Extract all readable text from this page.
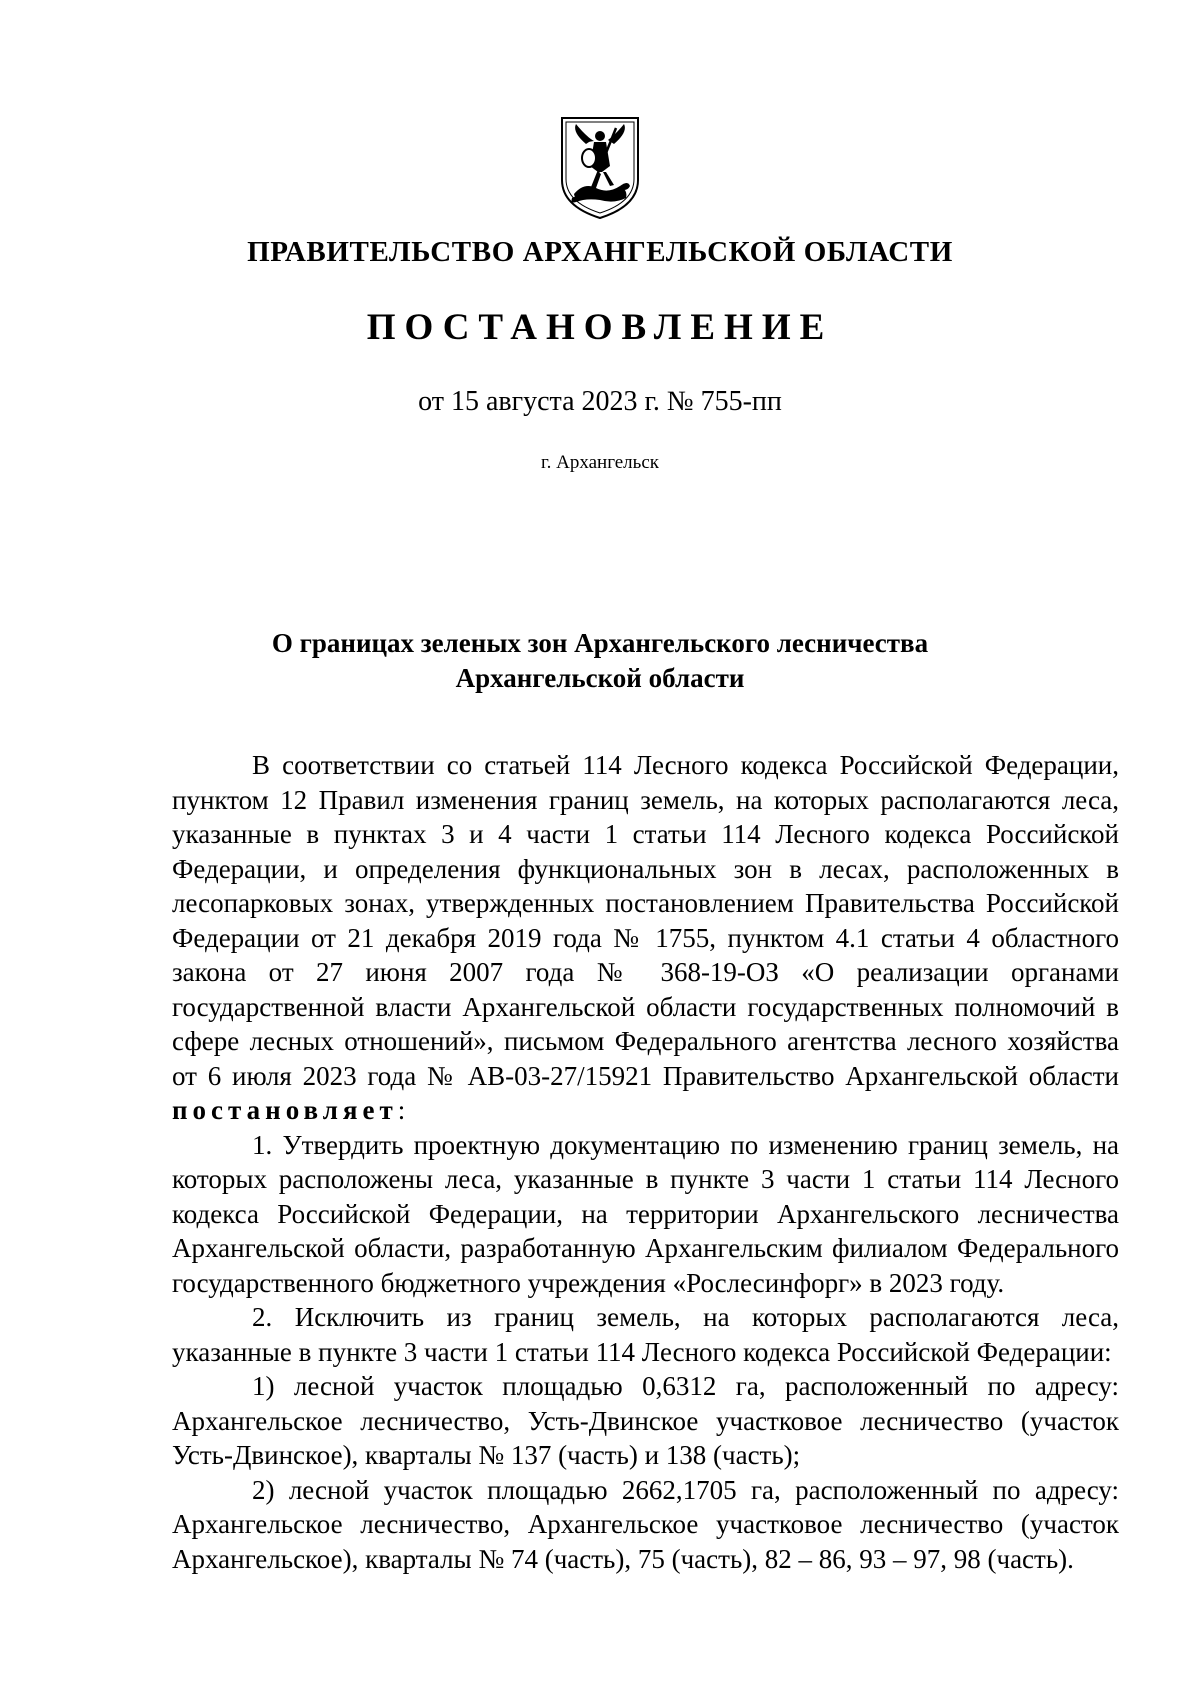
ПРАВИТЕЛЬСТВО АРХАНГЕЛЬСКОЙ ОБЛАСТИ
ПОСТАНОВЛЕНИЕ
от 15 августа 2023 г. № 755-пп
г. Архангельск
О границах зеленых зон Архангельского лесничества
Архангельской области

В соответствии со статьей 114 Лесного кодекса Российской Федерации, пунктом 12 Правил изменения границ земель, на которых располагаются леса, указанные в пунктах 3 и 4 части 1 статьи 114 Лесного кодекса Российской Федерации, и определения функциональных зон в лесах, расположенных в лесопарковых зонах, утвержденных постановлением Правительства Российской Федерации от 21 декабря 2019 года № 1755, пунктом 4.1 статьи 4 областного закона от 27 июня 2007 года № 368-19-ОЗ «О реализации органами государственной власти Архангельской области государственных полномочий в сфере лесных отношений», письмом Федерального агентства лесного хозяйства от 6 июля 2023 года № АВ-03-27/15921 Правительство Архангельской области постановляет:

1. Утвердить проектную документацию по изменению границ земель, на которых расположены леса, указанные в пункте 3 части 1 статьи 114 Лесного кодекса Российской Федерации, на территории Архангельского лесничества Архангельской области, разработанную Архангельским филиалом Федерального государственного бюджетного учреждения «Рослесинфорг» в 2023 году.

2. Исключить из границ земель, на которых располагаются леса, указанные в пункте 3 части 1 статьи 114 Лесного кодекса Российской Федерации:

1) лесной участок площадью 0,6312 га, расположенный по адресу: Архангельское лесничество, Усть-Двинское участковое лесничество (участок Усть-Двинское), кварталы № 137 (часть) и 138 (часть);

2) лесной участок площадью 2662,1705 га, расположенный по адресу: Архангельское лесничество, Архангельское участковое лесничество (участок Архангельское), кварталы № 74 (часть), 75 (часть), 82 – 86, 93 – 97, 98 (часть).
